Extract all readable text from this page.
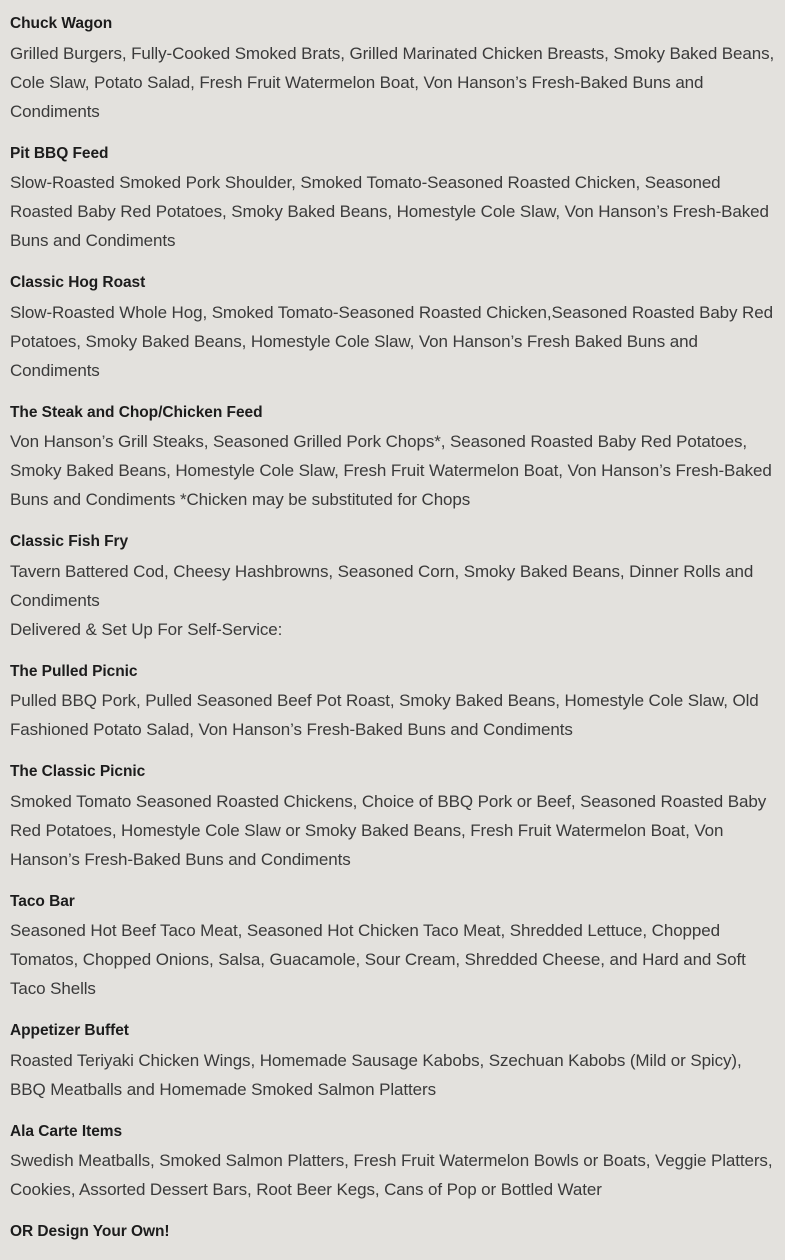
Chuck Wagon
Grilled Burgers, Fully-Cooked Smoked Brats, Grilled Marinated Chicken Breasts, Smoky Baked Beans, Cole Slaw, Potato Salad, Fresh Fruit Watermelon Boat, Von Hanson’s Fresh-Baked Buns and Condiments
Pit BBQ Feed
Slow-Roasted Smoked Pork Shoulder, Smoked Tomato-Seasoned Roasted Chicken, Seasoned Roasted Baby Red Potatoes, Smoky Baked Beans, Homestyle Cole Slaw, Von Hanson’s Fresh-Baked Buns and Condiments
Classic Hog Roast
Slow-Roasted Whole Hog, Smoked Tomato-Seasoned Roasted Chicken,Seasoned Roasted Baby Red Potatoes, Smoky Baked Beans, Homestyle Cole Slaw, Von Hanson’s Fresh Baked Buns and Condiments
The Steak and Chop/Chicken Feed
Von Hanson’s Grill Steaks, Seasoned Grilled Pork Chops*, Seasoned Roasted Baby Red Potatoes, Smoky Baked Beans, Homestyle Cole Slaw, Fresh Fruit Watermelon Boat, Von Hanson’s Fresh-Baked Buns and Condiments *Chicken may be substituted for Chops
Classic Fish Fry
Tavern Battered Cod, Cheesy Hashbrowns, Seasoned Corn, Smoky Baked Beans, Dinner Rolls and Condiments
Delivered & Set Up For Self-Service:
The Pulled Picnic
Pulled BBQ Pork, Pulled Seasoned Beef Pot Roast, Smoky Baked Beans, Homestyle Cole Slaw, Old Fashioned Potato Salad, Von Hanson’s Fresh-Baked Buns and Condiments
The Classic Picnic
Smoked Tomato Seasoned Roasted Chickens, Choice of BBQ Pork or Beef, Seasoned Roasted Baby Red Potatoes, Homestyle Cole Slaw or Smoky Baked Beans, Fresh Fruit Watermelon Boat, Von Hanson’s Fresh-Baked Buns and Condiments
Taco Bar
Seasoned Hot Beef Taco Meat, Seasoned Hot Chicken Taco Meat, Shredded Lettuce, Chopped Tomatos, Chopped Onions, Salsa, Guacamole, Sour Cream, Shredded Cheese, and Hard and Soft Taco Shells
Appetizer Buffet
Roasted Teriyaki Chicken Wings, Homemade Sausage Kabobs, Szechuan Kabobs (Mild or Spicy), BBQ Meatballs and Homemade Smoked Salmon Platters
Ala Carte Items
Swedish Meatballs, Smoked Salmon Platters, Fresh Fruit Watermelon Bowls or Boats, Veggie Platters, Cookies, Assorted Dessert Bars, Root Beer Kegs, Cans of Pop or Bottled Water
OR Design Your Own!
